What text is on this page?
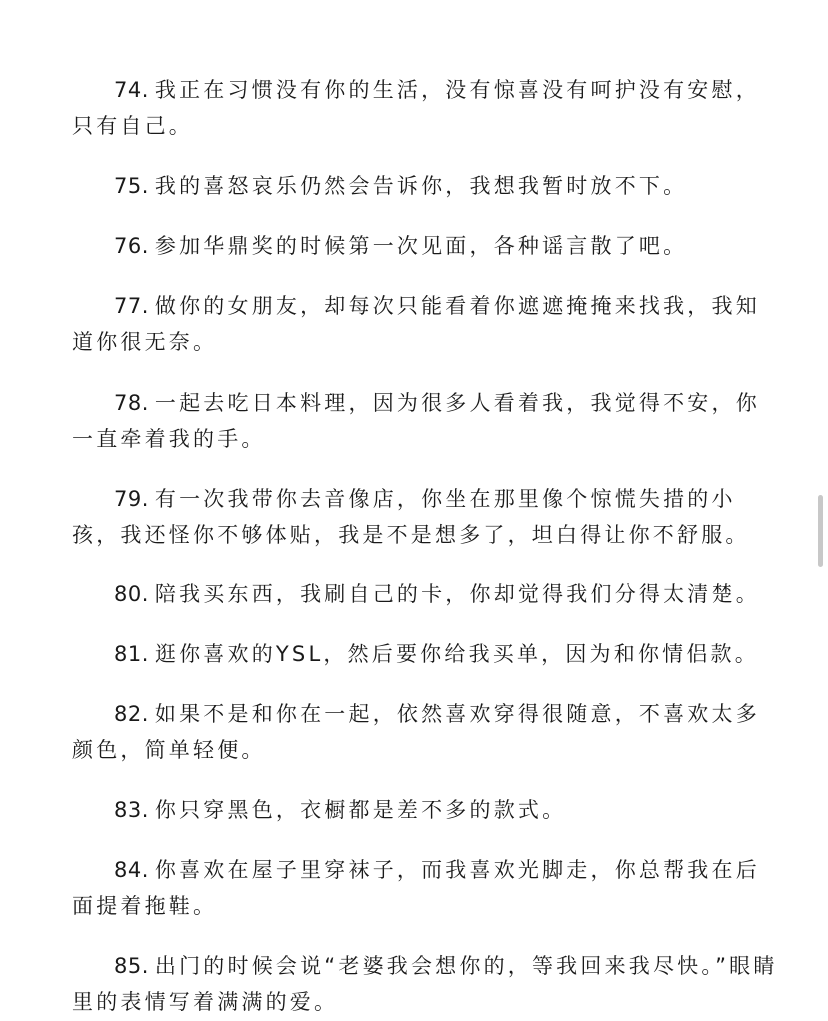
74. 我正在习惯没有你的生活，没有惊喜没有呵护没有安慰，只有自己。

75. 我的喜怒哀乐仍然会告诉你，我想我暂时放不下。

76. 参加华鼎奖的时候第一次见面，各种谣言散了吧。

77. 做你的女朋友，却每次只能看着你遮遮掩掩来找我，我知道你很无奈。

78. 一起去吃日本料理，因为很多人看着我，我觉得不安，你一直牵着我的手。

79. 有一次我带你去音像店，你坐在那里像个惊慌失措的小孩，我还怪你不够体贴，我是不是想多了，坦白得让你不舒服。

80. 陪我买东西，我刷自己的卡，你却觉得我们分得太清楚。

81. 逛你喜欢的YSL，然后要你给我买单，因为和你情侣款。

82. 如果不是和你在一起，依然喜欢穿得很随意，不喜欢太多颜色，简单轻便。

83. 你只穿黑色，衣橱都是差不多的款式。

84. 你喜欢在屋子里穿袜子，而我喜欢光脚走，你总帮我在后面提着拖鞋。

85. 出门的时候会说“老婆我会想你的，等我回来我尽快。”眼睛里的表情写着满满的爱。
